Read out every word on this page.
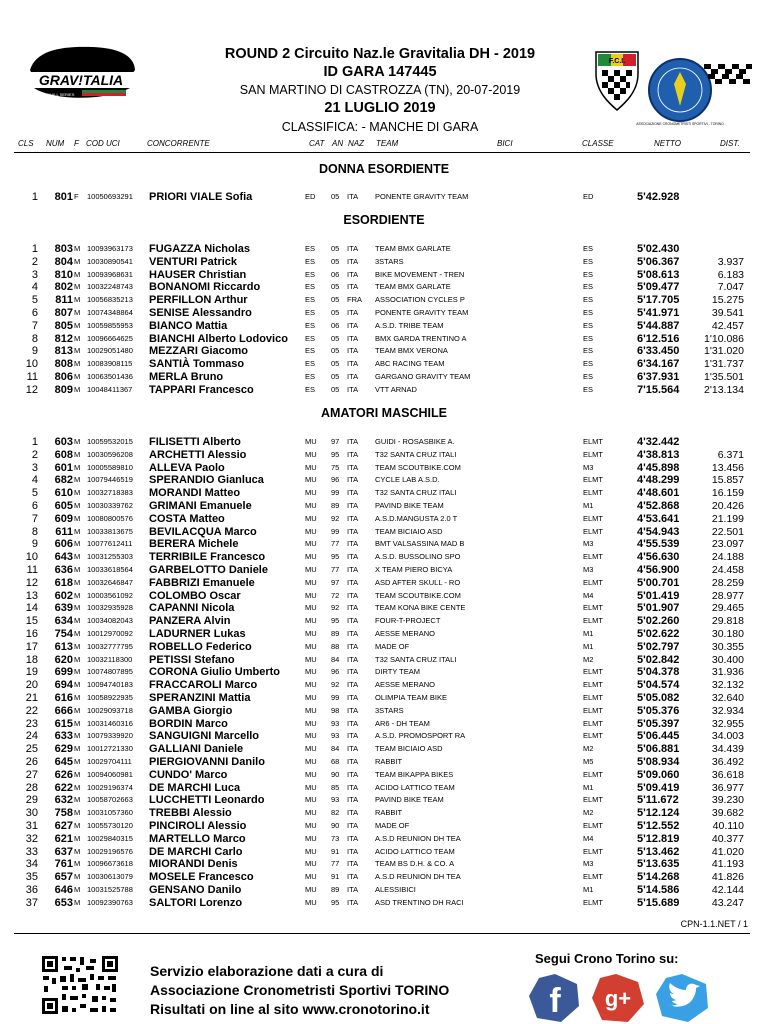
GRAV!TALIA
DOWNHILL SERIES
F.C.I.
ASSOCIAZIONE CRONOMETRISTI SPORTIVI - TORINO
ROUND 2 Circuito Naz.le Gravitalia DH - 2019
ID GARA 147445
SAN MARTINO DI CASTROZZA (TN), 20-07-2019
21 LUGLIO 2019
CLASSIFICA: - MANCHE DI GARA
CLS NUM F COD UCI	CONCORRENTE	CAT AN NAZ TEAM	BICI	CLASSE	NETTO	DIST.
DONNA ESORDIENTE
1	801 F 10050693291 PRIORI VIALE Sofia	ED 05 ITA PONENTE GRAVITY TEAM	ED	5'42.928
ESORDIENTE
1	803 M 10093963173 FUGAZZA Nicholas	ES 05 ITA TEAM BMX GARLATE	ES	5'02.430
2	804 M 10030890541 VENTURI Patrick	ES 05 ITA 3STARS	ES	5'06.367	3.937
3	810 M 10093968631 HAUSER Christian	ES 06 ITA BIKE MOVEMENT - TREN	ES	5'08.613	6.183
4	802 M 10032248743 BONANOMI Riccardo	ES 05 ITA TEAM BMX GARLATE	ES	5'09.477	7.047
5	811 M 10056835213 PERFILLON Arthur	ES 05 FRA ASSOCIATION CYCLES P	ES	5'17.705	15.275
6	807 M 10074348864 SENISE Alessandro	ES 05 ITA PONENTE GRAVITY TEAM	ES	5'41.971	39.541
7	805 M 10059855953 BIANCO Mattia	ES 06 ITA A.S.D. TRIBE TEAM	ES	5'44.887	42.457
8	812 M 10096664625 BIANCHI Alberto Lodovico ES 05 ITA BMX GARDA TRENTINO A	ES	6'12.516	1'10.086
9	813 M 10029051480 MEZZARI Giacomo	ES 05 ITA TEAM BMX VERONA	ES	6'33.450	1'31.020
10	808 M 10083908115 SANTIÀ Tommaso	ES 05 ITA ABC RACING TEAM	ES	6'34.167	1'31.737
11	806 M 10063501436 MERLA Bruno	ES 05 ITA GARGANO GRAVITY TEAM	ES	6'37.931	1'35.501
12	809 M 10048411367 TAPPARI Francesco	ES 05 ITA VTT ARNAD	ES	7'15.564	2'13.134
AMATORI MASCHILE
1	603 M 10059532015 FILISETTI Alberto	MU 97 ITA GUIDI - ROSASBIKE A.	ELMT	4'32.442
2	608 M 10030596208 ARCHETTI Alessio	MU 95 ITA T32 SANTA CRUZ ITALI	ELMT	4'38.813	6.371
3	601 M 10005589810 ALLEVA Paolo	MU 75 ITA TEAM SCOUTBIKE.COM	M3	4'45.898	13.456
4	682 M 10079446519 SPERANDIO Gianluca	MU 96 ITA CYCLE LAB A.S.D.	ELMT	4'48.299	15.857
5	610 M 10032718383 MORANDI Matteo	MU 99 ITA T32 SANTA CRUZ ITALI	ELMT	4'48.601	16.159
6	605 M 10030339762 GRIMANI Emanuele	MU 89 ITA PAVIND BIKE TEAM	M1	4'52.868	20.426
7	609 M 10080800576 COSTA Matteo	MU 92 ITA A.S.D.MANGUSTA 2.0 T	ELMT	4'53.641	21.199
8	611 M 10033813675 BEVILACQUA Marco	MU 99 ITA TEAM BICIAIO ASD	ELMT	4'54.943	22.501
9	606 M 10077612411 BERERA Michele	MU 77 ITA BMT VALSASSINA MAD B	M3	4'55.539	23.097
10	643 M 10031255303 TERRIBILE Francesco	MU 95 ITA A.S.D. BUSSOLINO SPO	ELMT	4'56.630	24.188
11	636 M 10033618564 GARBELOTTO Daniele	MU 77 ITA X TEAM PIERO BICYA	M3	4'56.900	24.458
12	618 M 10032646847 FABBRIZI Emanuele	MU 97 ITA ASD AFTER SKULL - RO	ELMT	5'00.701	28.259
13	602 M 10003561092 COLOMBO Oscar	MU 72 ITA TEAM SCOUTBIKE.COM	M4	5'01.419	28.977
14	639 M 10032935928 CAPANNI Nicola	MU 92 ITA TEAM KONA BIKE CENTE	ELMT	5'01.907	29.465
15	634 M 10034082043 PANZERA Alvin	MU 95 ITA FOUR-T-PROJECT	ELMT	5'02.260	29.818
16	754 M 10012970092 LADURNER Lukas	MU 89 ITA AESSE MERANO	M1	5'02.622	30.180
17	613 M 10032777795 ROBELLO Federico	MU 88 ITA MADE OF	M1	5'02.797	30.355
18	620 M 10032118300 PETISSI Stefano	MU 84 ITA T32 SANTA CRUZ ITALI	M2	5'02.842	30.400
19	699 M 10074807895 CORONA Giulio Umberto	MU 96 ITA DIRTY TEAM	ELMT	5'04.378	31.936
20	694 M 10094740183 FRACCAROLI Marco	MU 92 ITA AESSE MERANO	ELMT	5'04.574	32.132
21	616 M 10058922935 SPERANZINI Mattia	MU 99 ITA OLIMPIA TEAM BIKE	ELMT	5'05.082	32.640
22	666 M 10029093718 GAMBA Giorgio	MU 98 ITA 3STARS	ELMT	5'05.376	32.934
23	615 M 10031460316 BORDIN Marco	MU 93 ITA AR6 - DH TEAM	ELMT	5'05.397	32.955
24	633 M 10079339920 SANGUIGNI Marcello	MU 93 ITA A.S.D. PROMOSPORT RA	ELMT	5'06.445	34.003
25	629 M 10012721330 GALLIANI Daniele	MU 84 ITA TEAM BICIAIO ASD	M2	5'06.881	34.439
26	645 M 10029704111 PIERGIOVANNI Danilo	MU 68 ITA RABBIT	M5	5'08.934	36.492
27	626 M 10094060981 CUNDO' Marco	MU 90 ITA TEAM BIKAPPA BIKES	ELMT	5'09.060	36.618
28	622 M 10029196374 DE MARCHI Luca	MU 85 ITA ACIDO LATTICO TEAM	M1	5'09.419	36.977
29	632 M 10058702663 LUCCHETTI Leonardo	MU 93 ITA PAVIND BIKE TEAM	ELMT	5'11.672	39.230
30	758 M 10031057360 TREBBI Alessio	MU 82 ITA RABBIT	M2	5'12.124	39.682
31	627 M 10055730120 PINCIROLI Alessio	MU 90 ITA MADE OF	ELMT	5'12.552	40.110
32	621 M 10029840315 MARTELLO Marco	MU 73 ITA A.S.D REUNION DH TEA	M4	5'12.819	40.377
33	637 M 10029196576 DE MARCHI Carlo	MU 91 ITA ACIDO LATTICO TEAM	ELMT	5'13.462	41.020
34	761 M 10096673618 MIORANDI Denis	MU 77 ITA TEAM BS D.H. & CO. A	M3	5'13.635	41.193
35	657 M 10030613079 MOSELE Francesco	MU 91 ITA A.S.D REUNION DH TEA	ELMT	5'14.268	41.826
36	646 M 10031525788 GENSANO Danilo	MU 89 ITA ALESSIBICI	M1	5'14.586	42.144
37	653 M 10092390763 SALTORI Lorenzo	MU 95 ITA ASD TRENTINO DH RACI	ELMT	5'15.689	43.247
CPN-1.1.NET / 1
Servizio elaborazione dati a cura di
Associazione Cronometristi Sportivi TORINO
Risultati on line al sito www.cronotorino.it
Segui Crono Torino su:
f g+
